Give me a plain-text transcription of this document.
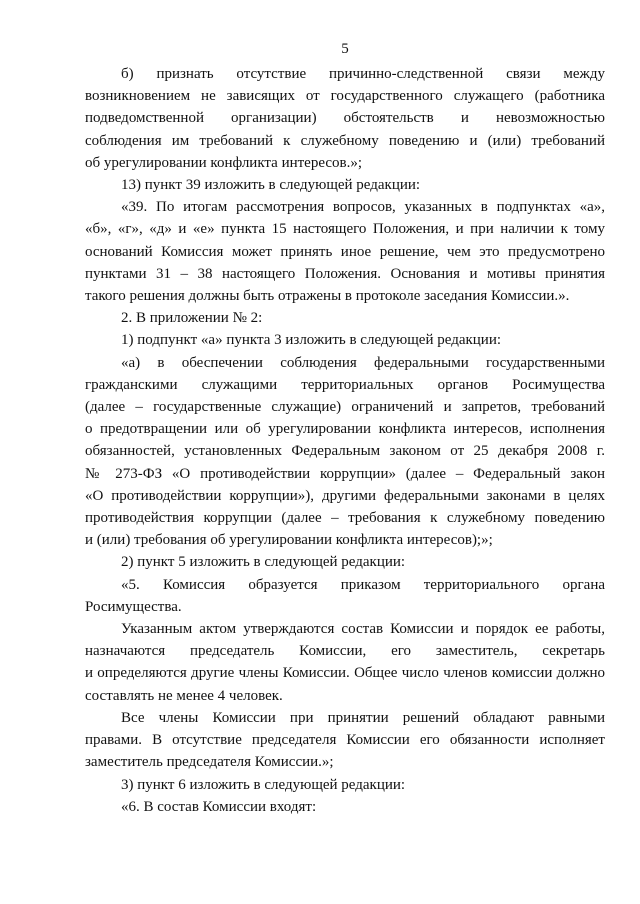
5
б) признать отсутствие причинно-следственной связи между
возникновением не зависящих от государственного служащего (работника
подведомственной организации) обстоятельств и невозможностью
соблюдения им требований к служебному поведению и (или) требований
об урегулировании конфликта интересов.»;
13) пункт 39 изложить в следующей редакции:
«39. По итогам рассмотрения вопросов, указанных в подпунктах «а»,
«б», «г», «д» и «е» пункта 15 настоящего Положения, и при наличии к тому
оснований Комиссия может принять иное решение, чем это предусмотрено
пунктами 31 – 38 настоящего Положения. Основания и мотивы принятия
такого решения должны быть отражены в протоколе заседания Комиссии.».
2. В приложении № 2:
1) подпункт «а» пункта 3 изложить в следующей редакции:
«а) в обеспечении соблюдения федеральными государственными
гражданскими служащими территориальных органов Росимущества
(далее – государственные служащие) ограничений и запретов, требований
о предотвращении или об урегулировании конфликта интересов, исполнения
обязанностей, установленных Федеральным законом от 25 декабря 2008 г.
№ 273-ФЗ «О противодействии коррупции» (далее – Федеральный закон
«О противодействии коррупции»), другими федеральными законами в целях
противодействия коррупции (далее – требования к служебному поведению
и (или) требования об урегулировании конфликта интересов);»;
2) пункт 5 изложить в следующей редакции:
«5. Комиссия образуется приказом территориального органа
Росимущества.
Указанным актом утверждаются состав Комиссии и порядок ее работы,
назначаются председатель Комиссии, его заместитель, секретарь
и определяются другие члены Комиссии. Общее число членов комиссии должно
составлять не менее 4 человек.
Все члены Комиссии при принятии решений обладают равными
правами. В отсутствие председателя Комиссии его обязанности исполняет
заместитель председателя Комиссии.»;
3) пункт 6 изложить в следующей редакции:
«6. В состав Комиссии входят:
